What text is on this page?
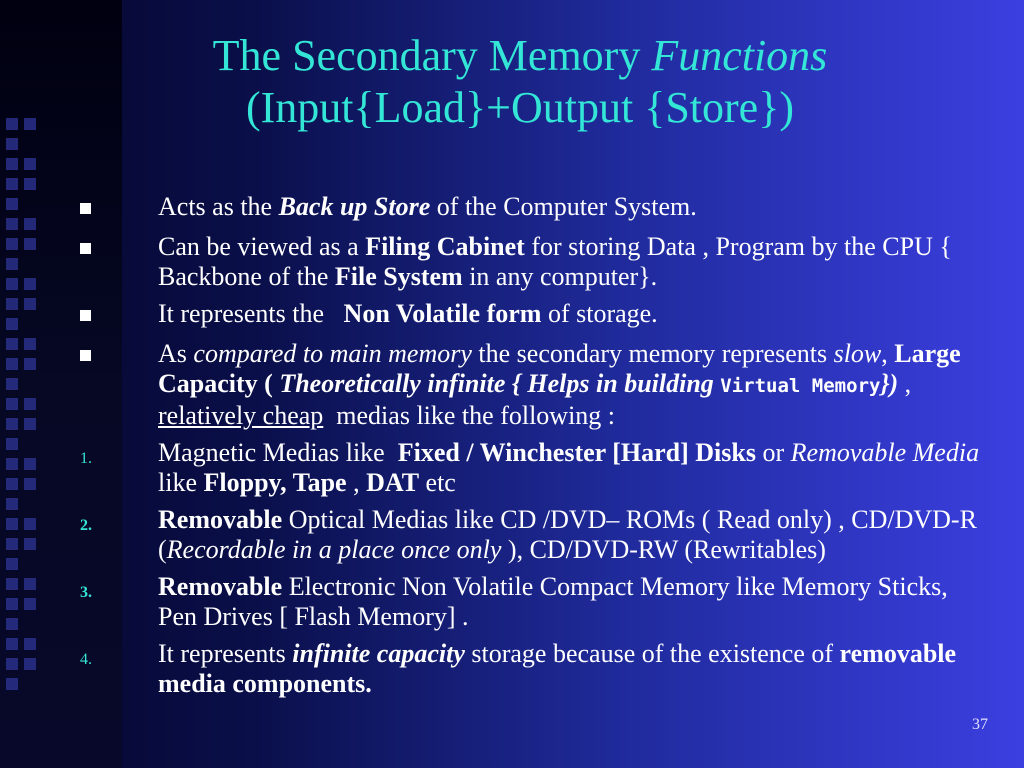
The Secondary Memory Functions
(Input{Load}+Output {Store})
Acts as the Back up Store of the Computer System.
Can be viewed as a Filing Cabinet for storing Data , Program by the CPU { Backbone of the File System in any computer}.
It represents the   Non Volatile form of storage.
As compared to main memory the secondary memory represents slow, Large Capacity ( Theoretically infinite { Helps in building Virtual Memory}) , relatively cheap  medias like the following :
1.	Magnetic Medias like  Fixed / Winchester [Hard] Disks or Removable Media like Floppy, Tape , DAT etc
2.	Removable Optical Medias like CD /DVD– ROMs ( Read only) , CD/DVD-R (Recordable in a place once only ), CD/DVD-RW (Rewritables)
3.	Removable Electronic Non Volatile Compact Memory like Memory Sticks, Pen Drives [ Flash Memory] .
4.	It represents infinite capacity storage because of the existence of removable media components.
37
